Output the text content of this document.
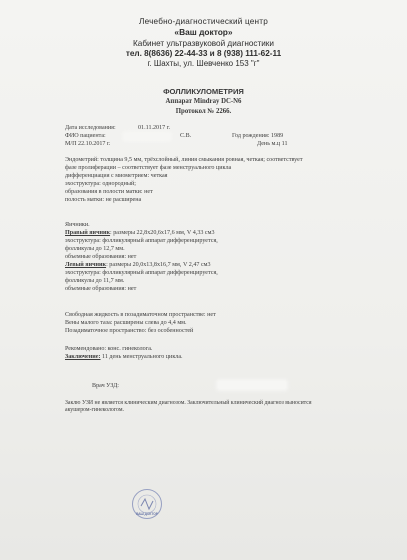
Лечебно-диагностический центр
«Ваш доктор»
Кабинет ультразвуковой диагностики
тел. 8(8636) 22-44-33 и 8 (938) 111-62-11
г. Шахты, ул. Шевченко 153 "г"
ФОЛЛИКУЛОМЕТРИЯ
Аппарат Mindray DC-N6
Протокол № 2266.
Дата исследования:	01.11.2017 г.
ФИО пациента:	С.В.	Год рождения: 1989
М/П 22.10.2017 г.	День м.ц 11
Эндометрий: толщина 9,5 мм, трёхслойный, линия смыкания ровная, четкая; соответствует
фазе пролиферации – соответствует фазе менструального цикла
дифференциация с миометрием: четкая
эхоструктура: однородный;
образования в полости матки: нет
полость матки: не расширена
Яичники.
Правый яичник: размеры 22,8х20,6х17,6 мм, V 4,33 см3
эхоструктура: фолликулярный аппарат дифференцируется,
фолликулы до 12,7 мм.
объемные образования: нет
Левый яичник: размеры 20,0х13,8х16,7 мм, V 2,47 см3
эхоструктура: фолликулярный аппарат дифференцируется,
фолликулы до 11,7 мм.
объемные образования: нет
Свободная жидкость в позадиматочном пространстве: нет
Вены малого таза: расширены слева до 4,4 мм.
Позадиматочное пространство: без особенностей
Рекомендовано: конс. гинеколога.
Заключение: 11 день менструального цикла.
Врач УЗД:
ВАШ ДОКТОР
Заклю УЗИ не является клиническим диагнозом. Заключительный клинический диагноз выносится
акушером-гинекологом.
